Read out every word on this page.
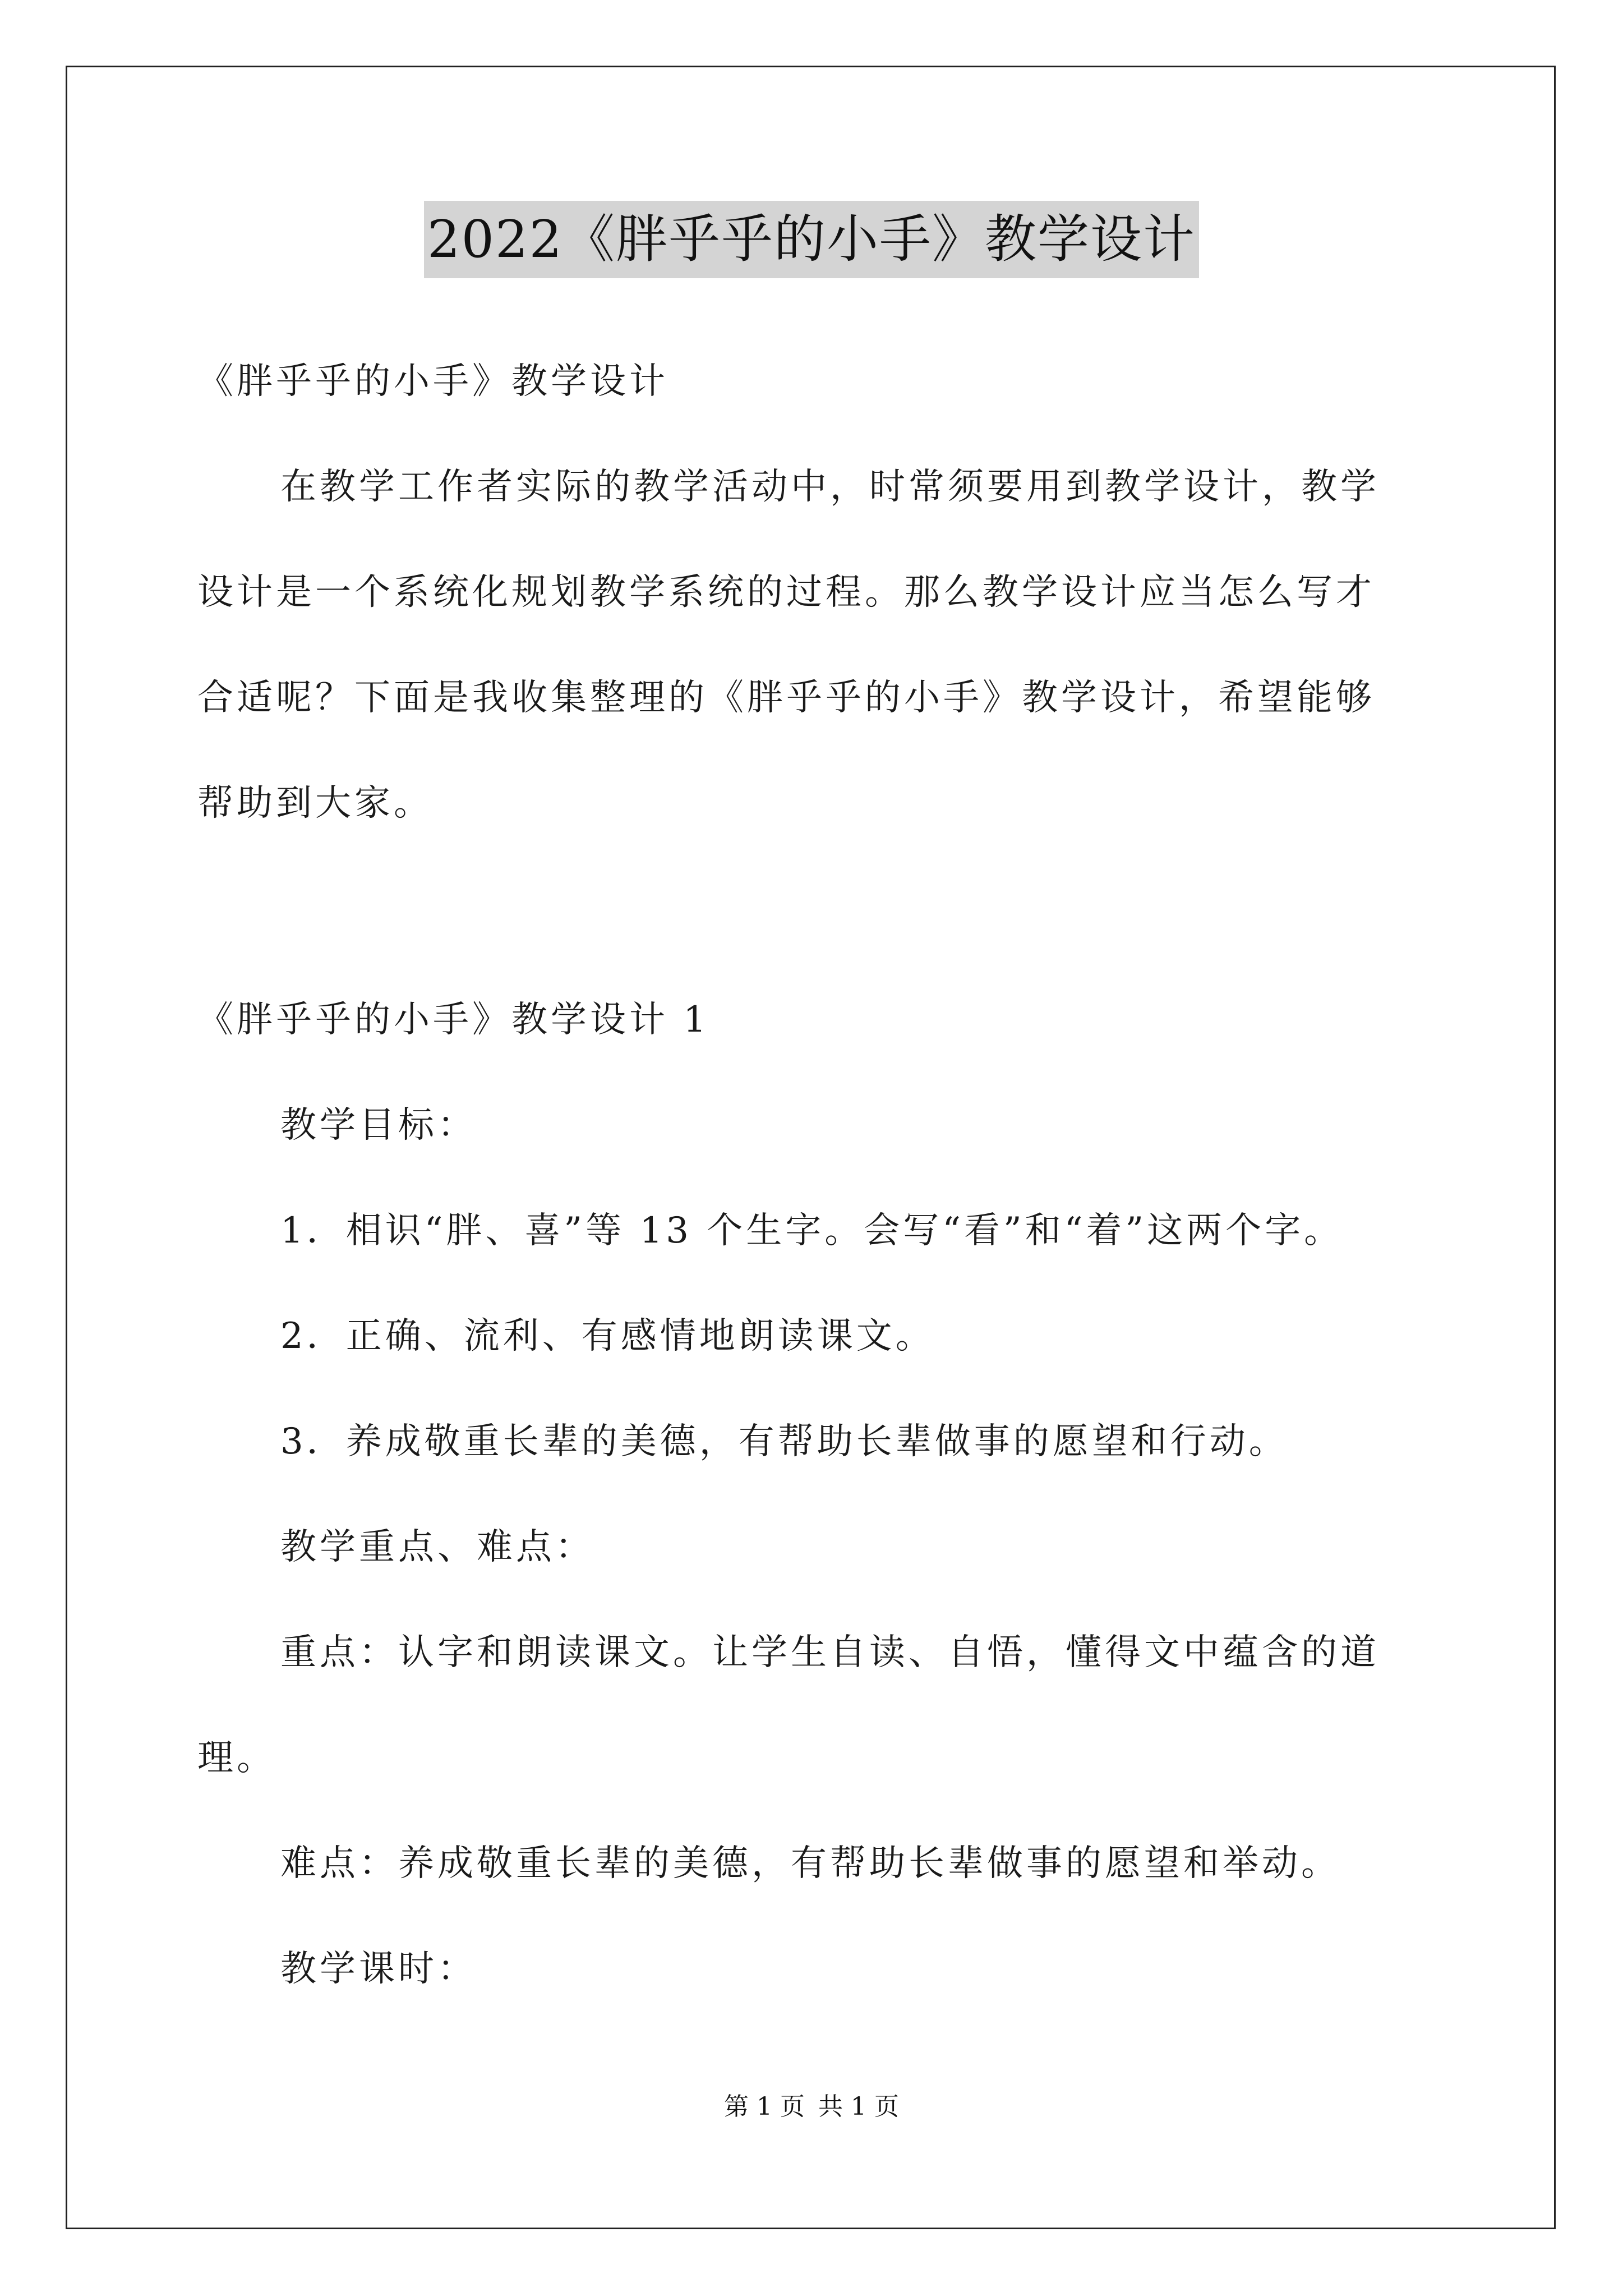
2022《胖乎乎的小手》教学设计
《胖乎乎的小手》教学设计
在教学工作者实际的教学活动中，时常须要用到教学设计，教学
设计是一个系统化规划教学系统的过程。那么教学设计应当怎么写才
合适呢？下面是我收集整理的《胖乎乎的小手》教学设计，希望能够
帮助到大家。
《胖乎乎的小手》教学设计 1
教学目标：
1．相识“胖、喜”等 13 个生字。会写“看”和“着”这两个字。
2．正确、流利、有感情地朗读课文。
3．养成敬重长辈的美德，有帮助长辈做事的愿望和行动。
教学重点、难点：
重点：认字和朗读课文。让学生自读、自悟，懂得文中蕴含的道
理。
难点：养成敬重长辈的美德，有帮助长辈做事的愿望和举动。
教学课时：
第 1 页 共 1 页
